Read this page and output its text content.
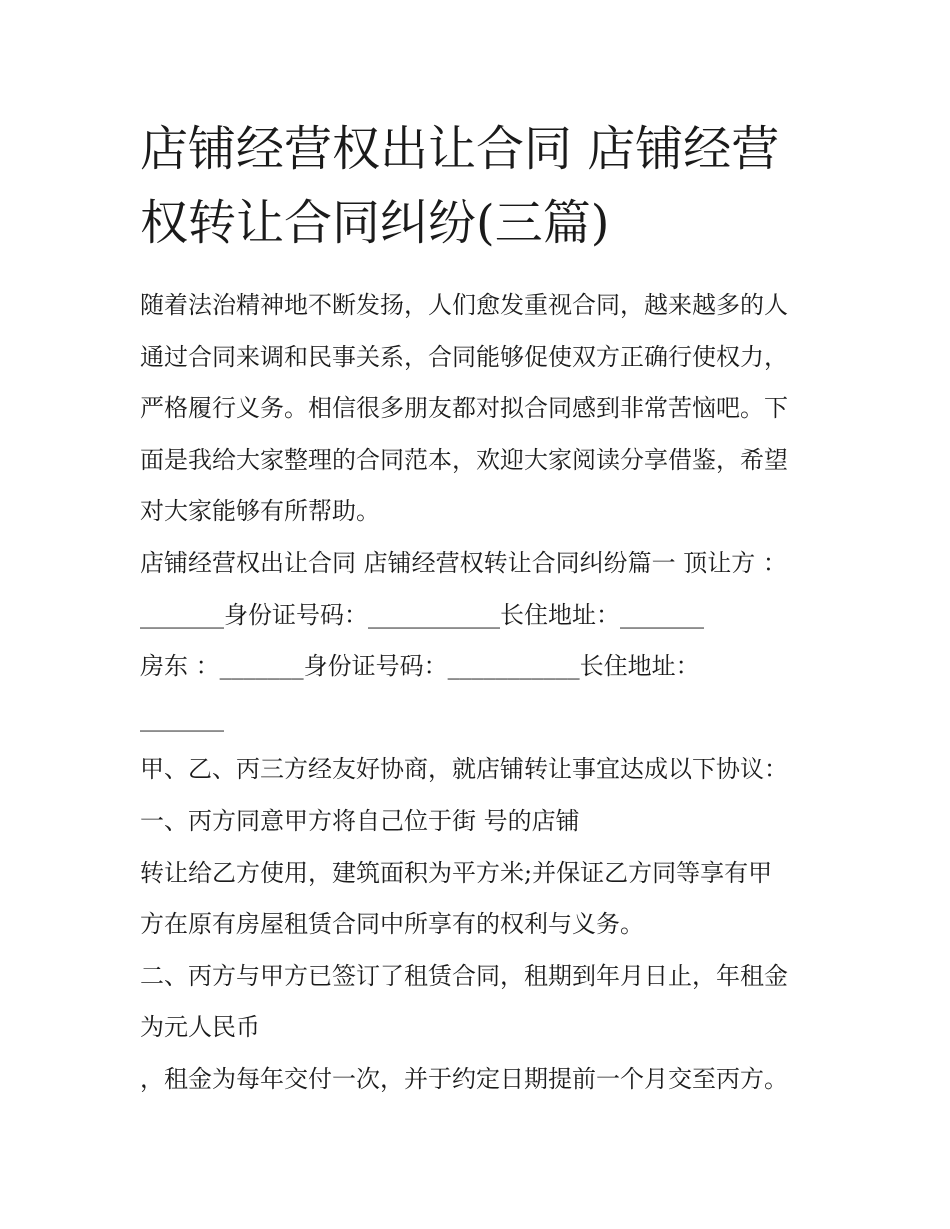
店铺经营权出让合同 店铺经营
权转让合同纠纷(三篇)
随着法治精神地不断发扬，人们愈发重视合同，越来越多的人
通过合同来调和民事关系，合同能够促使双方正确行使权力，
严格履行义务。相信很多朋友都对拟合同感到非常苦恼吧。下
面是我给大家整理的合同范本，欢迎大家阅读分享借鉴，希望
对大家能够有所帮助。
店铺经营权出让合同 店铺经营权转让合同纠纷篇一 顶让方 ：
_______身份证号码：___________长住地址：_______
房东 ：_______身份证号码：___________长住地址：
_______
甲、乙、丙三方经友好协商，就店铺转让事宜达成以下协议：
一、丙方同意甲方将自己位于街 号的店铺
转让给乙方使用，建筑面积为平方米;并保证乙方同等享有甲
方在原有房屋租赁合同中所享有的权利与义务。
二、丙方与甲方已签订了租赁合同，租期到年月日止，年租金
为元人民币
，租金为每年交付一次，并于约定日期提前一个月交至丙方。
